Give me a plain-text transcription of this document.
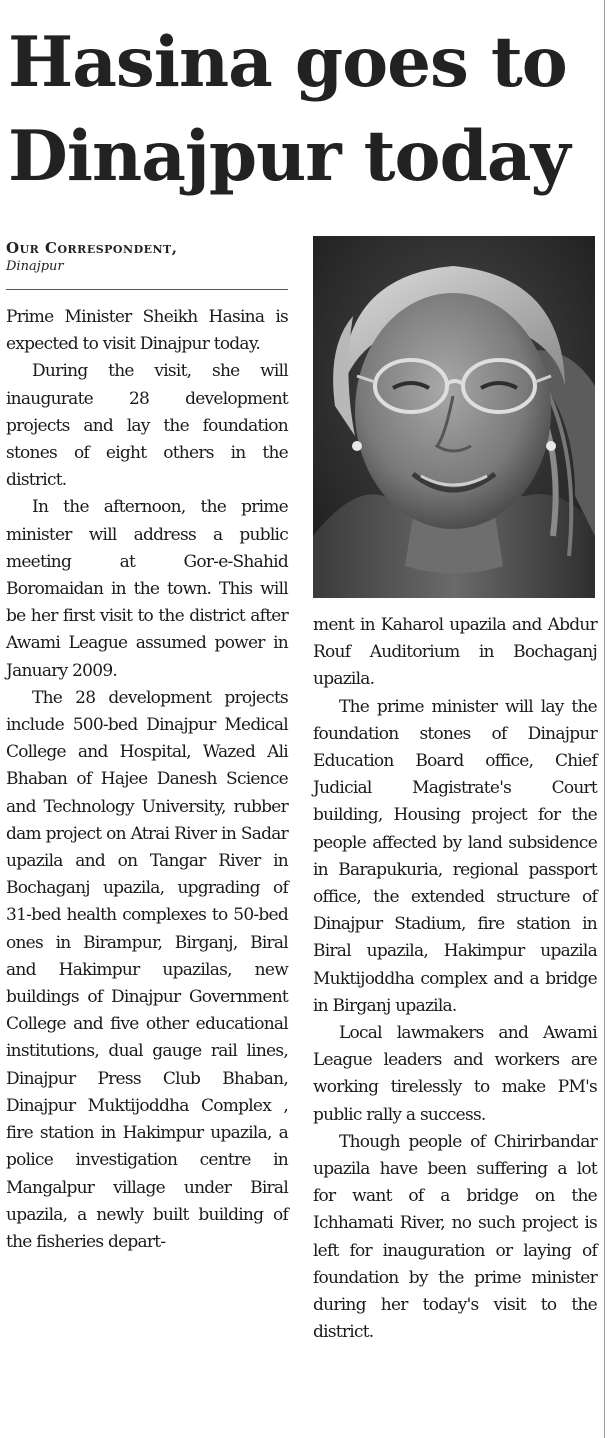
Hasina goes to
Dinajpur today
Our Correspondent,
Dinajpur

Prime Minister Sheikh Hasina is expected to visit Dinajpur today.

During the visit, she will inaugurate 28 development projects and lay the foundation stones of eight others in the district.

In the afternoon, the prime minister will address a public meeting at Gor-e-Shahid Boromaidan in the town. This will be her first visit to the district after Awami League assumed power in January 2009.

The 28 development projects include 500-bed Dinajpur Medical College and Hospital, Wazed Ali Bhaban of Hajee Danesh Science and Technology University, rubber dam project on Atrai River in Sadar upazila and on Tangar River in Bochaganj upazila, upgrading of 31-bed health complexes to 50-bed ones in Birampur, Birganj, Biral and Hakimpur upazilas, new buildings of Dinajpur Government College and five other educational institutions, dual gauge rail lines, Dinajpur Press Club Bhaban, Dinajpur Muktijoddha Complex , fire station in Hakimpur upazila, a police investigation centre in Mangalpur village under Biral upazila, a newly built building of the fisheries depart-

ment in Kaharol upazila and Abdur Rouf Auditorium in Bochaganj upazila.

The prime minister will lay the foundation stones of Dinajpur Education Board office, Chief Judicial Magistrate's Court building, Housing project for the people affected by land subsidence in Barapukuria, regional passport office, the extended structure of Dinajpur Stadium, fire station in Biral upazila, Hakimpur upazila Muktijoddha complex and a bridge in Birganj upazila.

Local lawmakers and Awami League leaders and workers are working tirelessly to make PM's public rally a success.

Though people of Chirirbandar upazila have been suffering a lot for want of a bridge on the Ichhamati River, no such project is left for inauguration or laying of foundation by the prime minister during her today's visit to the district.
